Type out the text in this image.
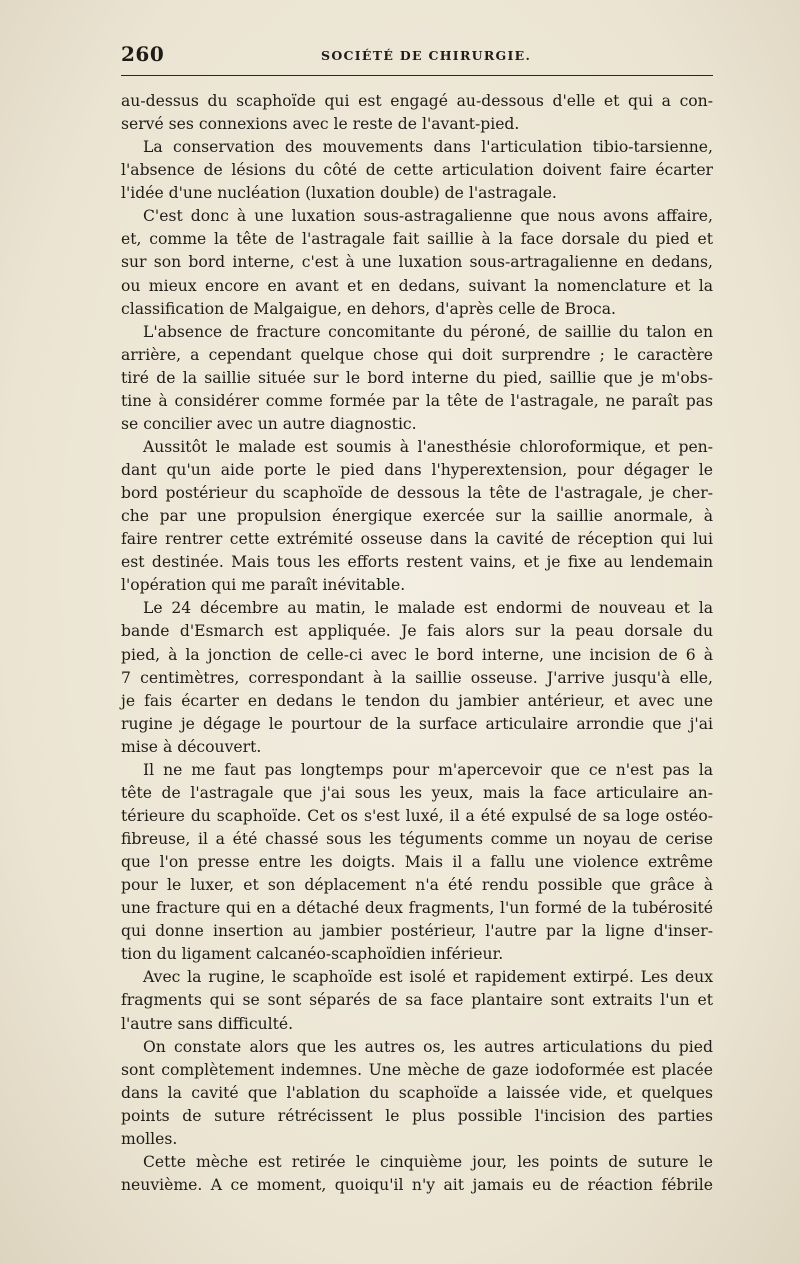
260	SOCIÉTÉ DE CHIRURGIE.
au-dessus du scaphoïde qui est engagé au-dessous d'elle et qui a con-
servé ses connexions avec le reste de l'avant-pied.
La conservation des mouvements dans l'articulation tibio-tarsienne,
l'absence de lésions du côté de cette articulation doivent faire écarter
l'idée d'une nucléation (luxation double) de l'astragale.
C'est donc à une luxation sous-astragalienne que nous avons affaire,
et, comme la tête de l'astragale fait saillie à la face dorsale du pied et
sur son bord interne, c'est à une luxation sous-artragalienne en dedans,
ou mieux encore en avant et en dedans, suivant la nomenclature et la
classification de Malgaigue, en dehors, d'après celle de Broca.
L'absence de fracture concomitante du péroné, de saillie du talon en
arrière, a cependant quelque chose qui doit surprendre ; le caractère
tiré de la saillie située sur le bord interne du pied, saillie que je m'obs-
tine à considérer comme formée par la tête de l'astragale, ne paraît pas
se concilier avec un autre diagnostic.
Aussitôt le malade est soumis à l'anesthésie chloroformique, et pen-
dant qu'un aide porte le pied dans l'hyperextension, pour dégager le
bord postérieur du scaphoïde de dessous la tête de l'astragale, je cher-
che par une propulsion énergique exercée sur la saillie anormale, à
faire rentrer cette extrémité osseuse dans la cavité de réception qui lui
est destinée. Mais tous les efforts restent vains, et je fixe au lendemain
l'opération qui me paraît inévitable.
Le 24 décembre au matin, le malade est endormi de nouveau et la
bande d'Esmarch est appliquée. Je fais alors sur la peau dorsale du
pied, à la jonction de celle-ci avec le bord interne, une incision de 6 à
7 centimètres, correspondant à la saillie osseuse. J'arrive jusqu'à elle,
je fais écarter en dedans le tendon du jambier antérieur, et avec une
rugine je dégage le pourtour de la surface articulaire arrondie que j'ai
mise à découvert.
Il ne me faut pas longtemps pour m'apercevoir que ce n'est pas la
tête de l'astragale que j'ai sous les yeux, mais la face articulaire an-
térieure du scaphoïde. Cet os s'est luxé, il a été expulsé de sa loge ostéo-
fibreuse, il a été chassé sous les téguments comme un noyau de cerise
que l'on presse entre les doigts. Mais il a fallu une violence extrême
pour le luxer, et son déplacement n'a été rendu possible que grâce à
une fracture qui en a détaché deux fragments, l'un formé de la tubérosité
qui donne insertion au jambier postérieur, l'autre par la ligne d'inser-
tion du ligament calcanéo-scaphoïdien inférieur.
Avec la rugine, le scaphoïde est isolé et rapidement extirpé. Les deux
fragments qui se sont séparés de sa face plantaire sont extraits l'un et
l'autre sans difficulté.
On constate alors que les autres os, les autres articulations du pied
sont complètement indemnes. Une mèche de gaze iodoformée est placée
dans la cavité que l'ablation du scaphoïde a laissée vide, et quelques
points de suture rétrécissent le plus possible l'incision des parties
molles.
Cette mèche est retirée le cinquième jour, les points de suture le
neuvième. A ce moment, quoiqu'il n'y ait jamais eu de réaction fébrile
